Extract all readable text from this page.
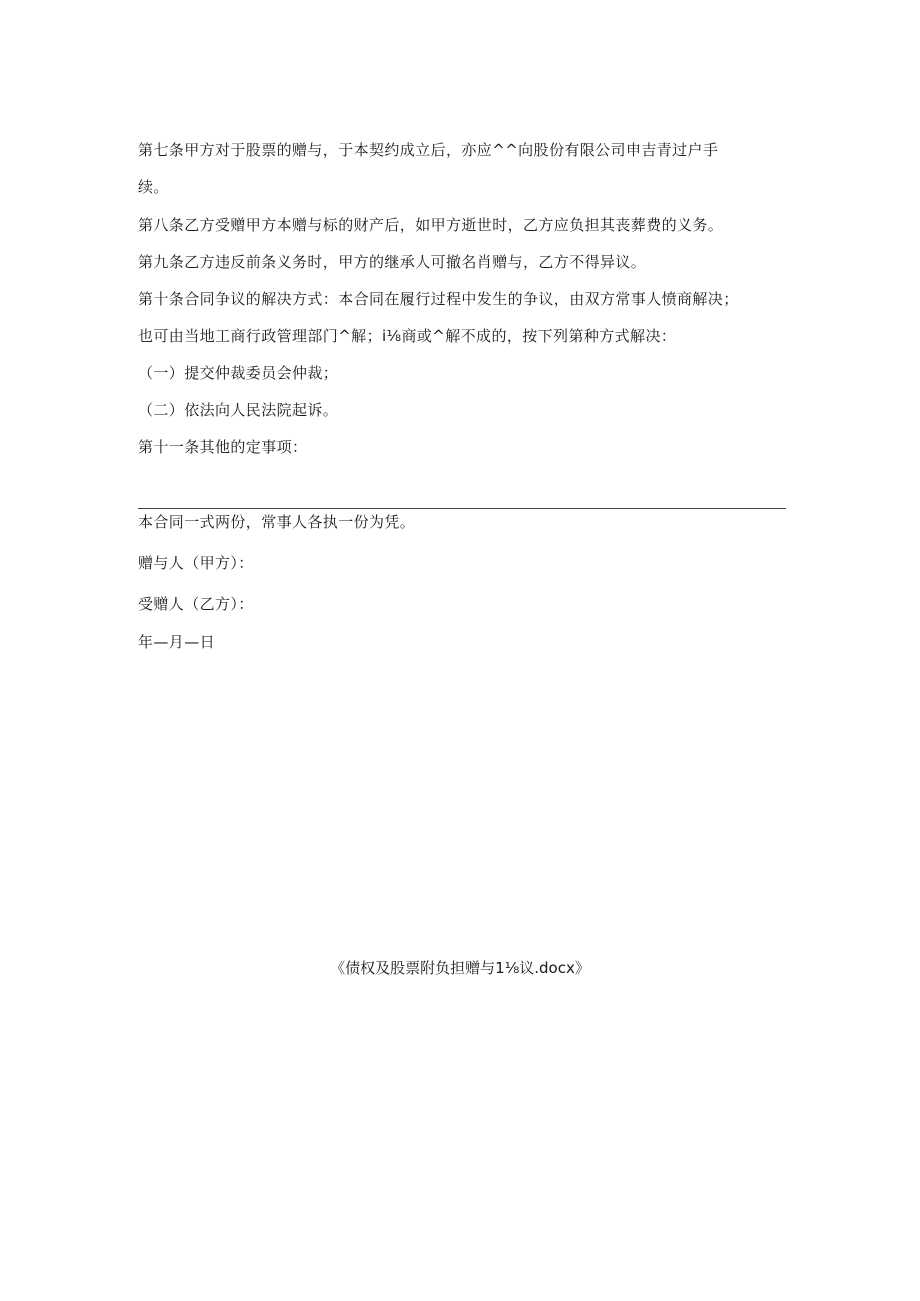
第七条甲方对于股票的赠与，于本契约成立后，亦应^^向股份有限公司申吉青过户手
续。
第八条乙方受赠甲方本赠与标的财产后，如甲方逝世时，乙方应负担其丧葬费的义务。
第九条乙方违反前条义务时，甲方的继承人可撤名肖赠与，乙方不得异议。
第十条合同争议的解决方式：本合同在履行过程中发生的争议，由双方常事人愤商解决；
也可由当地工商行政管理部门^解；i⅛商或^解不成的，按下列第种方式解决：
（一）提交仲裁委员会仲裁；
（二）依法向人民法院起诉。
第十一条其他的定事项：
本合同一式两份，常事人各执一份为凭。
赠与人（甲方）：
受赠人（乙方）：
年—月—日
《债权及股票附负担赠与1⅛议.docx》
